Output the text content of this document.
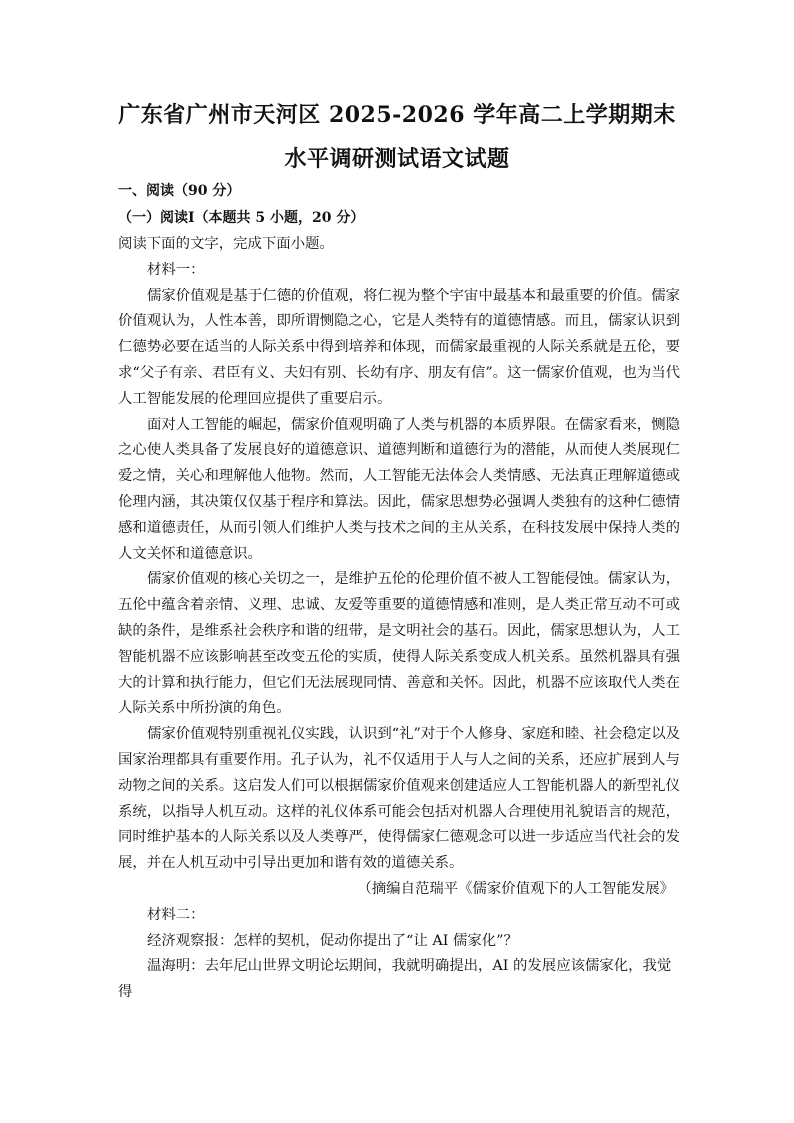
广东省广州市天河区 2025-2026 学年高二上学期期末
水平调研测试语文试题
一、阅读（90 分）
（一）阅读Ⅰ（本题共 5 小题，20 分）

阅读下面的文字，完成下面小题。

材料一：

儒家价值观是基于仁德的价值观，将仁视为整个宇宙中最基本和最重要的价值。儒家价值观认为，人性本善，即所谓恻隐之心，它是人类特有的道德情感。而且，儒家认识到仁德势必要在适当的人际关系中得到培养和体现，而儒家最重视的人际关系就是五伦，要求“父子有亲、君臣有义、夫妇有别、长幼有序、朋友有信”。这一儒家价值观，也为当代人工智能发展的伦理回应提供了重要启示。

面对人工智能的崛起，儒家价值观明确了人类与机器的本质界限。在儒家看来，恻隐之心使人类具备了发展良好的道德意识、道德判断和道德行为的潜能，从而使人类展现仁爱之情，关心和理解他人他物。然而，人工智能无法体会人类情感、无法真正理解道德或伦理内涵，其决策仅仅基于程序和算法。因此，儒家思想势必强调人类独有的这种仁德情感和道德责任，从而引领人们维护人类与技术之间的主从关系，在科技发展中保持人类的人文关怀和道德意识。

儒家价值观的核心关切之一，是维护五伦的伦理价值不被人工智能侵蚀。儒家认为，五伦中蕴含着亲情、义理、忠诚、友爱等重要的道德情感和准则，是人类正常互动不可或缺的条件，是维系社会秩序和谐的纽带，是文明社会的基石。因此，儒家思想认为，人工智能机器不应该影响甚至改变五伦的实质，使得人际关系变成人机关系。虽然机器具有强大的计算和执行能力，但它们无法展现同情、善意和关怀。因此，机器不应该取代人类在人际关系中所扮演的角色。

儒家价值观特别重视礼仪实践，认识到“礼”对于个人修身、家庭和睦、社会稳定以及国家治理都具有重要作用。孔子认为，礼不仅适用于人与人之间的关系，还应扩展到人与动物之间的关系。这启发人们可以根据儒家价值观来创建适应人工智能机器人的新型礼仪系统，以指导人机互动。这样的礼仪体系可能会包括对机器人合理使用礼貌语言的规范，同时维护基本的人际关系以及人类尊严，使得儒家仁德观念可以进一步适应当代社会的发展，并在人机互动中引导出更加和谐有效的道德关系。

（摘编自范瑞平《儒家价值观下的人工智能发展》

材料二：

经济观察报：怎样的契机，促动你提出了“让 AI 儒家化”？

温海明：去年尼山世界文明论坛期间，我就明确提出，AI 的发展应该儒家化，我觉得
